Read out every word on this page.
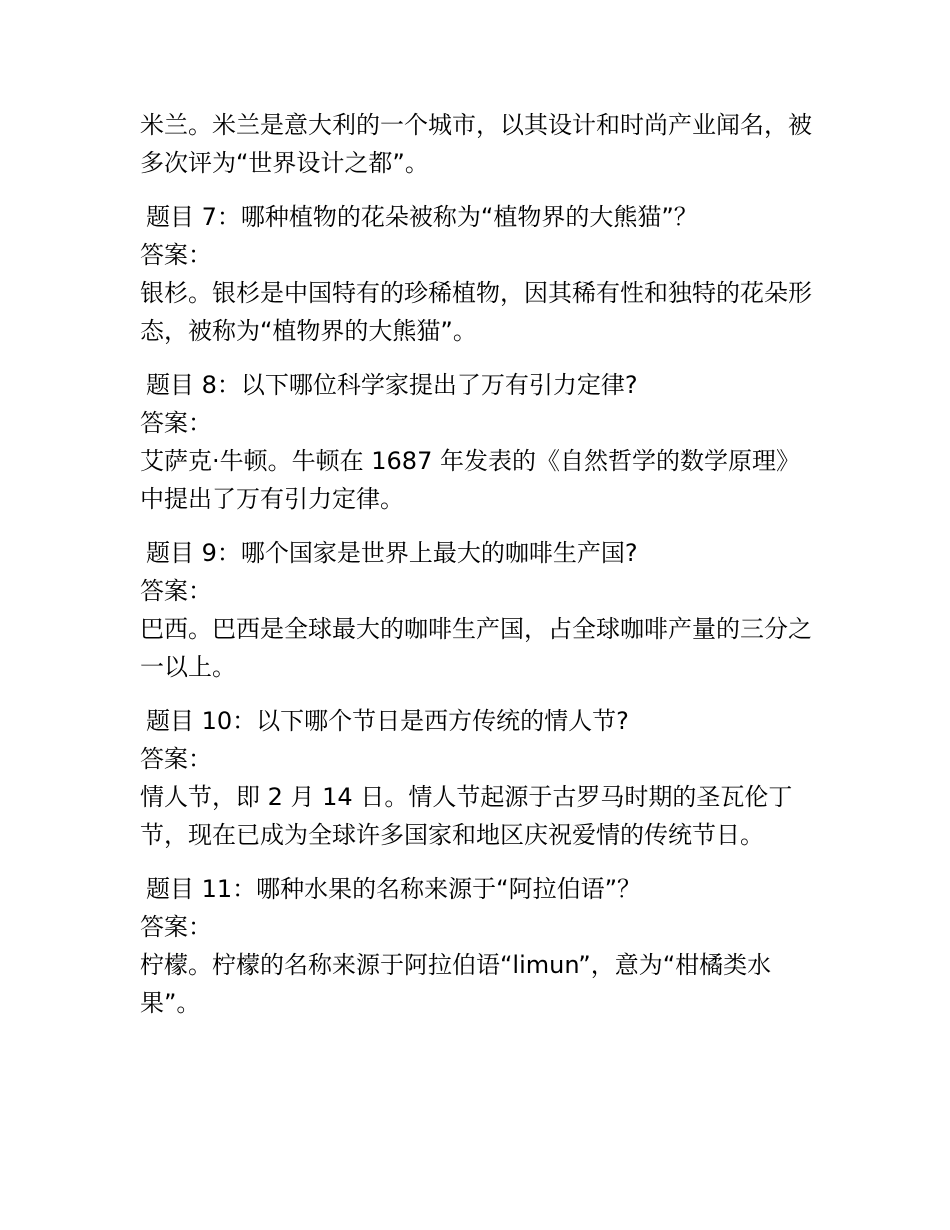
米兰。米兰是意大利的一个城市，以其设计和时尚产业闻名，被多次评为“世界设计之都”。

题目 7：哪种植物的花朵被称为“植物界的大熊猫”？

答案：

银杉。银杉是中国特有的珍稀植物，因其稀有性和独特的花朵形态，被称为“植物界的大熊猫”。

题目 8：以下哪位科学家提出了万有引力定律?

答案：

艾萨克·牛顿。牛顿在 1687 年发表的《自然哲学的数学原理》中提出了万有引力定律。

题目 9：哪个国家是世界上最大的咖啡生产国?

答案：

巴西。巴西是全球最大的咖啡生产国，占全球咖啡产量的三分之一以上。

题目 10：以下哪个节日是西方传统的情人节?

答案：

情人节，即 2 月 14 日。情人节起源于古罗马时期的圣瓦伦丁节，现在已成为全球许多国家和地区庆祝爱情的传统节日。

题目 11：哪种水果的名称来源于“阿拉伯语”？

答案：

柠檬。柠檬的名称来源于阿拉伯语“limun”，意为“柑橘类水果”。
